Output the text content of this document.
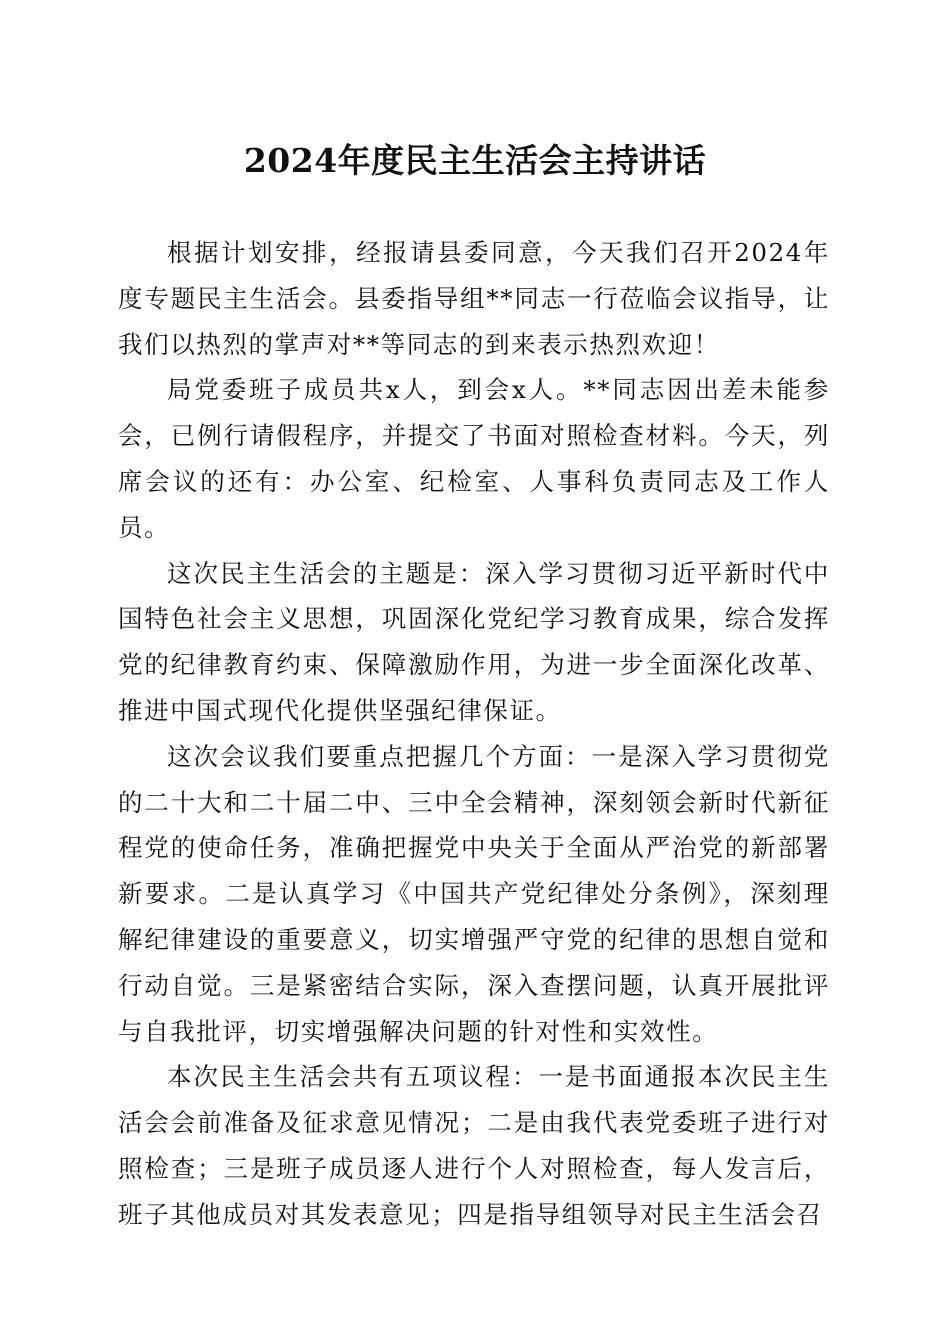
2024年度民主生活会主持讲话

根据计划安排，经报请县委同意，今天我们召开2024年度专题民主生活会。县委指导组**同志一行莅临会议指导，让我们以热烈的掌声对**等同志的到来表示热烈欢迎！

局党委班子成员共x人，到会x人。**同志因出差未能参会，已例行请假程序，并提交了书面对照检查材料。今天，列席会议的还有：办公室、纪检室、人事科负责同志及工作人员。

这次民主生活会的主题是：深入学习贯彻习近平新时代中国特色社会主义思想，巩固深化党纪学习教育成果，综合发挥党的纪律教育约束、保障激励作用，为进一步全面深化改革、推进中国式现代化提供坚强纪律保证。

这次会议我们要重点把握几个方面：一是深入学习贯彻党的二十大和二十届二中、三中全会精神，深刻领会新时代新征程党的使命任务，准确把握党中央关于全面从严治党的新部署新要求。二是认真学习《中国共产党纪律处分条例》，深刻理解纪律建设的重要意义，切实增强严守党的纪律的思想自觉和行动自觉。三是紧密结合实际，深入查摆问题，认真开展批评与自我批评，切实增强解决问题的针对性和实效性。

本次民主生活会共有五项议程：一是书面通报本次民主生活会会前准备及征求意见情况；二是由我代表党委班子进行对照检查；三是班子成员逐人进行个人对照检查，每人发言后，班子其他成员对其发表意见；四是指导组领导对民主生活会召
